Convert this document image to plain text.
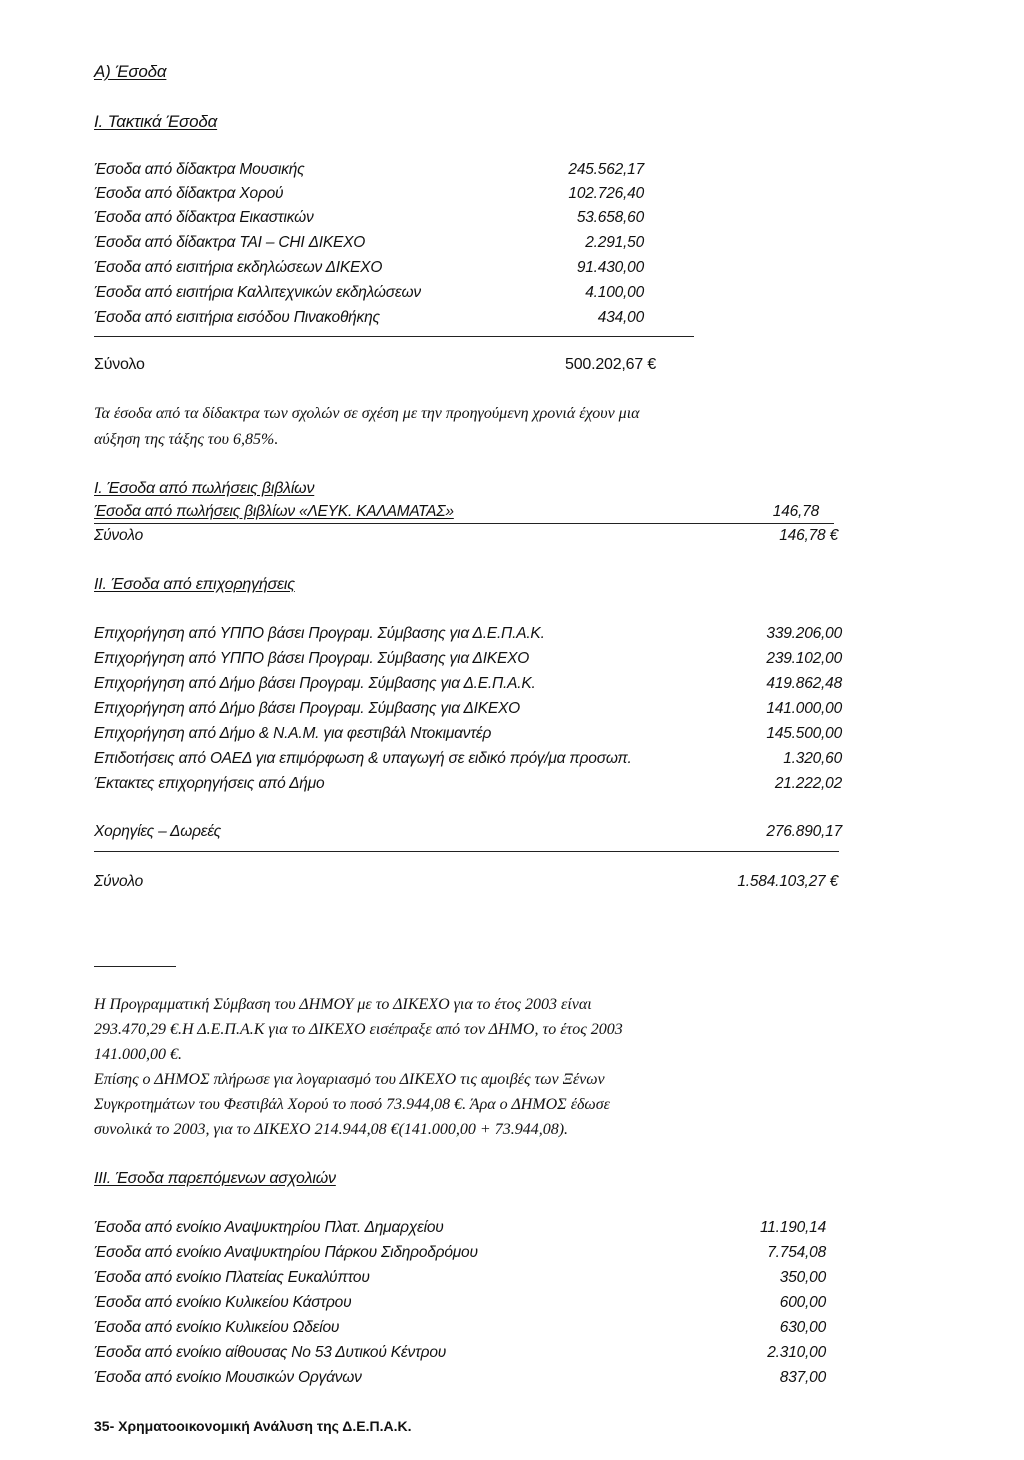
Α) Έσοδα
Ι. Τακτικά Έσοδα
Έσοδα από δίδακτρα Μουσικής	245.562,17
Έσοδα από δίδακτρα Χορού	102.726,40
Έσοδα από δίδακτρα Εικαστικών	53.658,60
Έσοδα από δίδακτρα ΤΑΙ – CHI ΔΙΚΕΧΟ	2.291,50
Έσοδα από εισιτήρια εκδηλώσεων ΔΙΚΕΧΟ	91.430,00
Έσοδα από εισιτήρια Καλλιτεχνικών εκδηλώσεων	4.100,00
Έσοδα από εισιτήρια εισόδου Πινακοθήκης	434,00
Σύνολο	500.202,67 €
Τα έσοδα από τα δίδακτρα των σχολών σε σχέση με την προηγούμενη χρονιά έχουν μια
αύξηση της τάξης του 6,85%.
Ι. Έσοδα από πωλήσεις βιβλίων
Έσοδα από πωλήσεις βιβλίων «ΛΕΥΚ. ΚΑΛΑΜΑΤΑΣ»	146,78
Σύνολο	146,78 €
ΙΙ. Έσοδα από επιχορηγήσεις
Επιχορήγηση από ΥΠΠΟ βάσει Προγραμ. Σύμβασης για Δ.Ε.Π.Α.Κ.	339.206,00
Επιχορήγηση από ΥΠΠΟ βάσει Προγραμ. Σύμβασης για ΔΙΚΕΧΟ	239.102,00
Επιχορήγηση από Δήμο βάσει Προγραμ. Σύμβασης για Δ.Ε.Π.Α.Κ.	419.862,48
Επιχορήγηση από Δήμο βάσει Προγραμ. Σύμβασης για ΔΙΚΕΧΟ	141.000,00
Επιχορήγηση από Δήμο & Ν.Α.Μ. για φεστιβάλ Ντοκιμαντέρ	145.500,00
Επιδοτήσεις από ΟΑΕΔ για επιμόρφωση & υπαγωγή σε ειδικό πρόγ/μα προσωπ.	1.320,60
Έκτακτες επιχορηγήσεις από Δήμο	21.222,02
Χορηγίες – Δωρεές	276.890,17
Σύνολο	1.584.103,27 €
Η Προγραμματική Σύμβαση του ΔΗΜΟΥ με το ΔΙΚΕΧΟ για το έτος 2003 είναι
293.470,29 €.Η Δ.Ε.Π.Α.Κ για το ΔΙΚΕΧΟ εισέπραξε από τον ΔΗΜΟ, το έτος 2003
141.000,00 €.
Επίσης ο ΔΗΜΟΣ πλήρωσε για λογαριασμό του ΔΙΚΕΧΟ τις αμοιβές των Ξένων
Συγκροτημάτων του Φεστιβάλ Χορού το ποσό 73.944,08 €. Άρα ο ΔΗΜΟΣ έδωσε
συνολικά το 2003, για το ΔΙΚΕΧΟ 214.944,08 €(141.000,00 + 73.944,08).
ΙΙΙ. Έσοδα παρεπόμενων ασχολιών
Έσοδα από ενοίκιο Αναψυκτηρίου Πλατ. Δημαρχείου	11.190,14
Έσοδα από ενοίκιο Αναψυκτηρίου Πάρκου Σιδηροδρόμου	7.754,08
Έσοδα από ενοίκιο Πλατείας Ευκαλύπτου	350,00
Έσοδα από ενοίκιο Κυλικείου Κάστρου	600,00
Έσοδα από ενοίκιο Κυλικείου Ωδείου	630,00
Έσοδα από ενοίκιο αίθουσας Νο 53 Δυτικού Κέντρου	2.310,00
Έσοδα από ενοίκιο Μουσικών Οργάνων	837,00
35- Χρηματοοικονομική Ανάλυση της Δ.Ε.Π.Α.Κ.
